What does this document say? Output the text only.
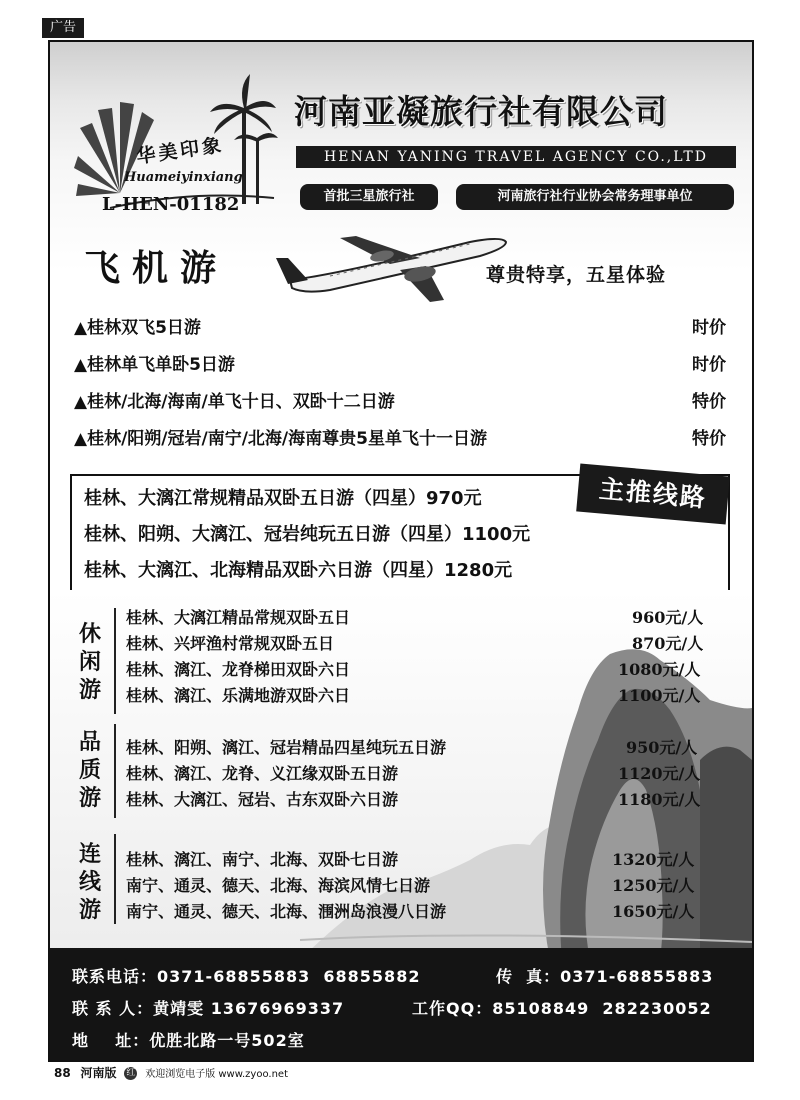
广告
华美印象
Huameiyinxiang
L-HEN-01182
河南亚凝旅行社有限公司
HENAN YANING TRAVEL AGENCY CO.,LTD
首批三星旅行社	河南旅行社行业协会常务理事单位
飞机游	尊贵特享，五星体验
▲桂林双飞5日游	时价
▲桂林单飞单卧5日游	时价
▲桂林/北海/海南/单飞十日、双卧十二日游	特价
▲桂林/阳朔/冠岩/南宁/北海/海南尊贵5星单飞十一日游	特价
桂林、大漓江常规精品双卧五日游（四星）970元
桂林、阳朔、大漓江、冠岩纯玩五日游（四星）1100元
桂林、大漓江、北海精品双卧六日游（四星）1280元
主推线路
休闲游
桂林、大漓江精品常规双卧五日	960元/人
桂林、兴坪渔村常规双卧五日	870元/人
桂林、漓江、龙脊梯田双卧六日	1080元/人
桂林、漓江、乐满地游双卧六日	1100元/人
品质游
桂林、阳朔、漓江、冠岩精品四星纯玩五日游	950元/人
桂林、漓江、龙脊、义江缘双卧五日游	1120元/人
桂林、大漓江、冠岩、古东双卧六日游	1180元/人
连线游
桂林、漓江、南宁、北海、双卧七日游	1320元/人
南宁、通灵、德天、北海、海滨风情七日游	1250元/人
南宁、通灵、德天、北海、涠洲岛浪漫八日游	1650元/人
联系电话：0371-68855883  68855882	传  真：0371-68855883
联 系 人：黄靖雯 13676969337	工作QQ：85108849  282230052
地    址：优胜北路一号502室
88 河南版 红 欢迎浏览电子版 www.zyoo.net
